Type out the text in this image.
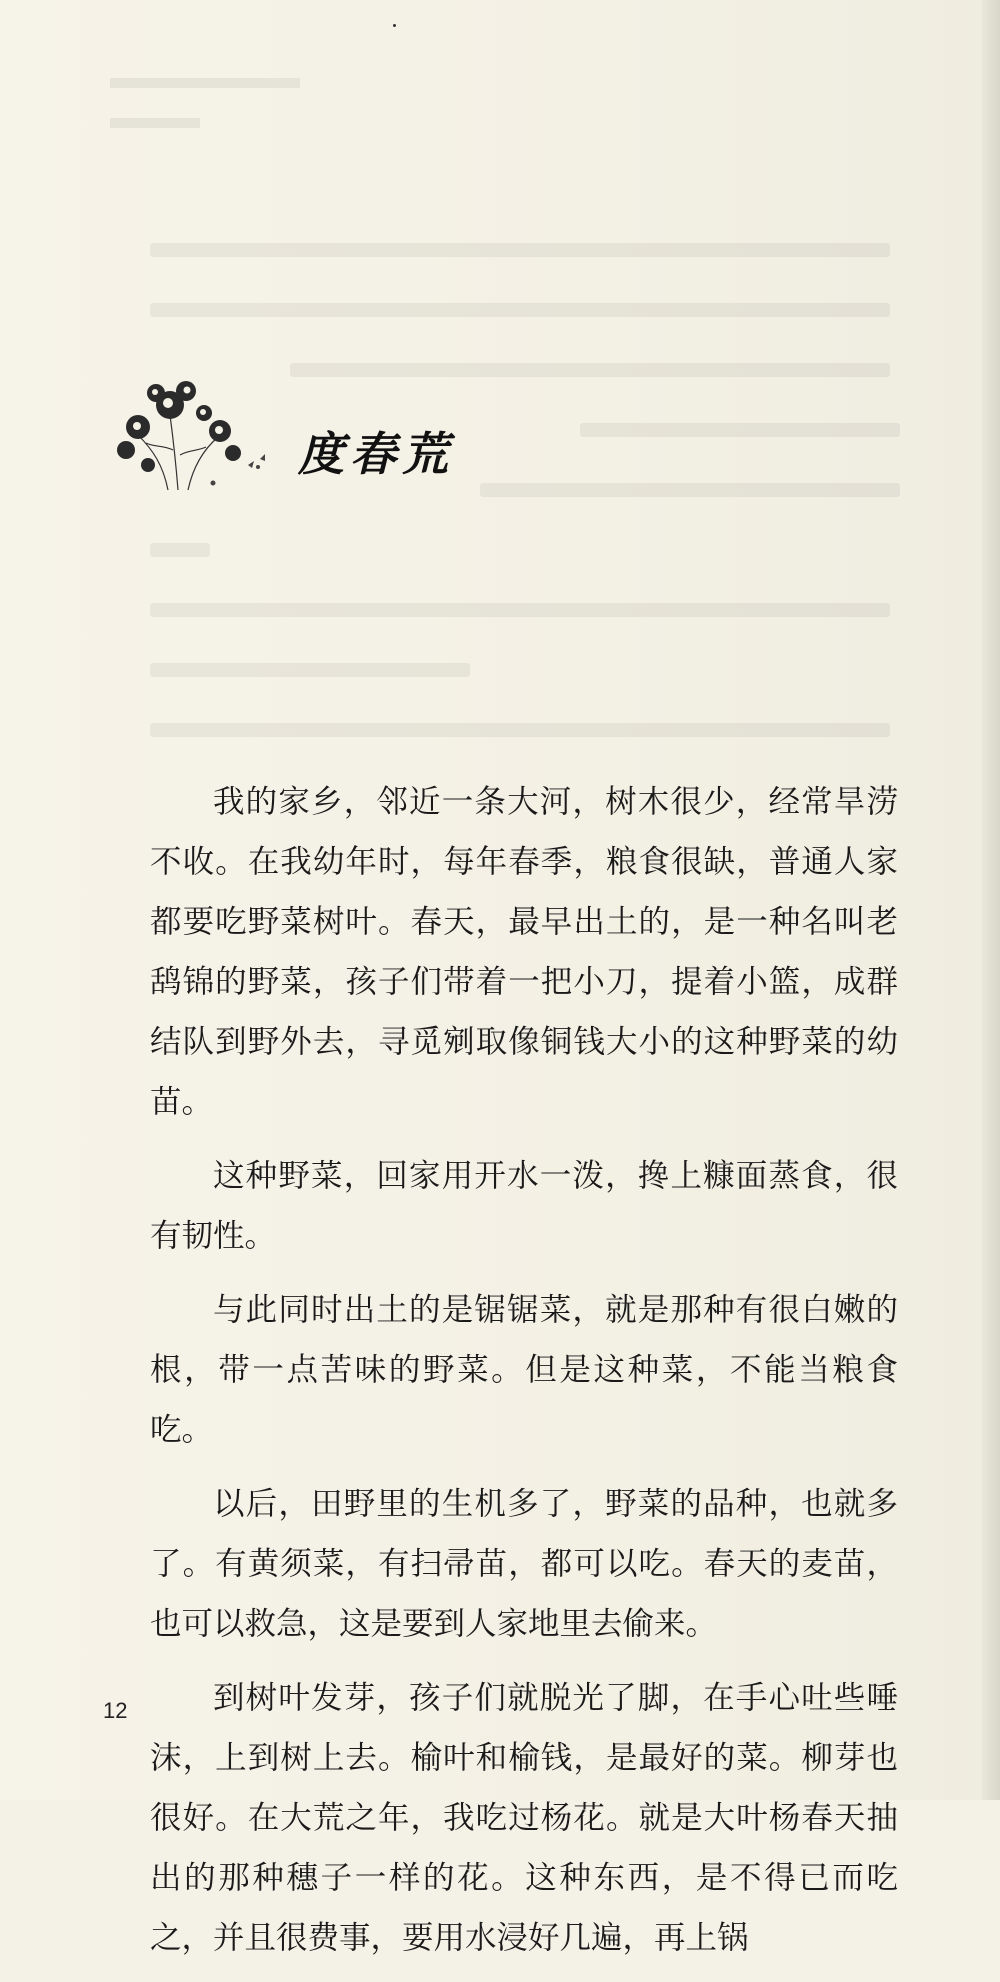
度春荒

我的家乡，邻近一条大河，树木很少，经常旱涝不收。在我幼年时，每年春季，粮食很缺，普通人家都要吃野菜树叶。春天，最早出土的，是一种名叫老鸹锦的野菜，孩子们带着一把小刀，提着小篮，成群结队到野外去，寻觅剜取像铜钱大小的这种野菜的幼苗。

这种野菜，回家用开水一泼，搀上糠面蒸食，很有韧性。

与此同时出土的是锯锯菜，就是那种有很白嫩的根，带一点苦味的野菜。但是这种菜，不能当粮食吃。

以后，田野里的生机多了，野菜的品种，也就多了。有黄须菜，有扫帚苗，都可以吃。春天的麦苗，也可以救急，这是要到人家地里去偷来。

到树叶发芽，孩子们就脱光了脚，在手心吐些唾沫，上到树上去。榆叶和榆钱，是最好的菜。柳芽也很好。在大荒之年，我吃过杨花。就是大叶杨春天抽出的那种穗子一样的花。这种东西，是不得已而吃之，并且很费事，要用水浸好几遍，再上锅

12
